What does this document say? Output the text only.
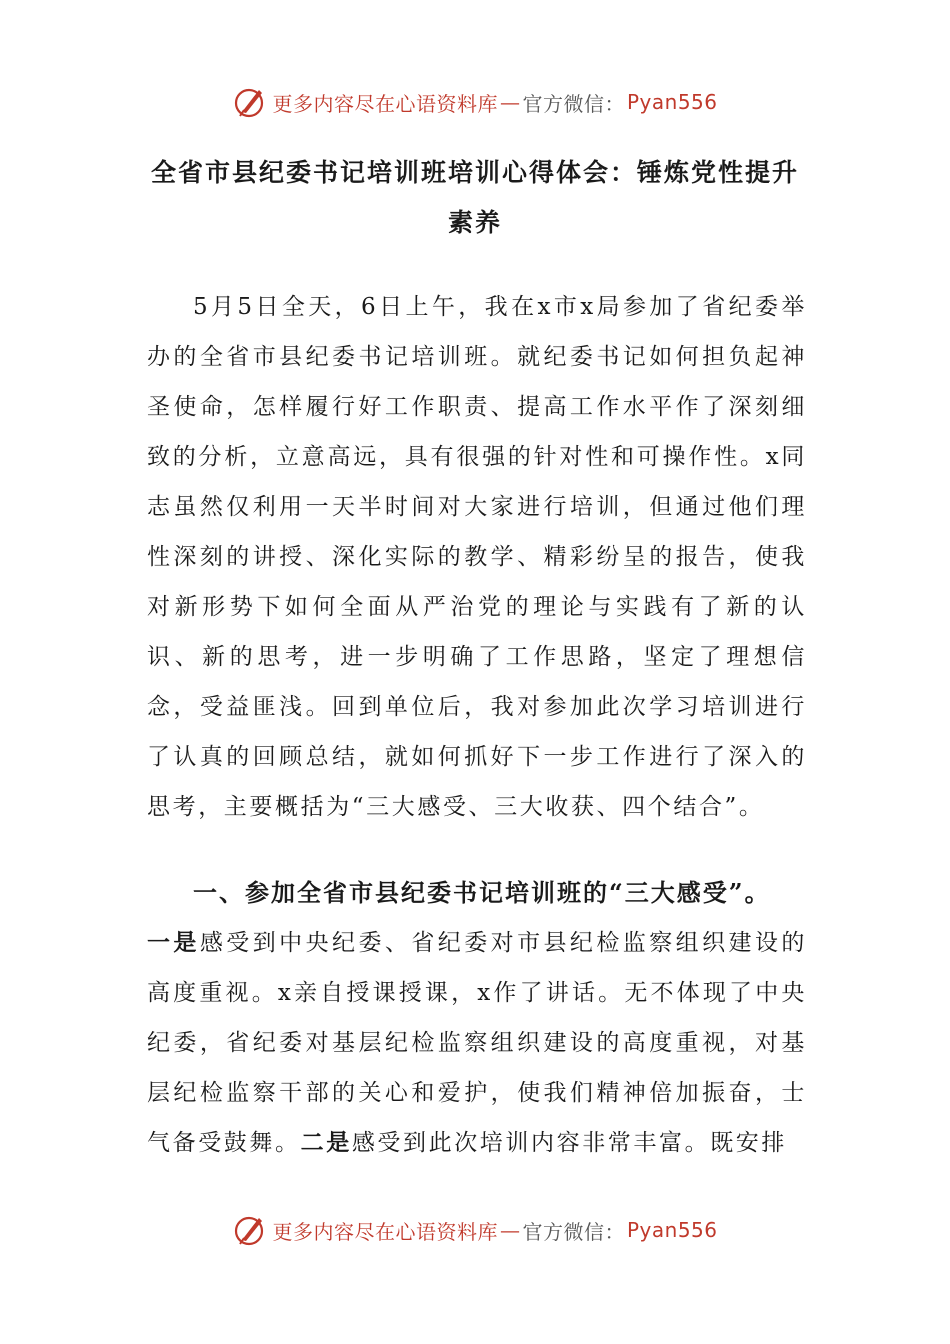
更多内容尽在心语资料库 — 官方微信： Pyan556
全省市县纪委书记培训班培训心得体会：锤炼党性提升素养

5月5日全天，6日上午，我在x市x局参加了省纪委举办的全省市县纪委书记培训班。就纪委书记如何担负起神圣使命，怎样履行好工作职责、提高工作水平作了深刻细致的分析，立意高远，具有很强的针对性和可操作性。x同志虽然仅利用一天半时间对大家进行培训，但通过他们理性深刻的讲授、深化实际的教学、精彩纷呈的报告，使我对新形势下如何全面从严治党的理论与实践有了新的认识、新的思考，进一步明确了工作思路，坚定了理想信念，受益匪浅。回到单位后，我对参加此次学习培训进行了认真的回顾总结，就如何抓好下一步工作进行了深入的思考，主要概括为“三大感受、三大收获、四个结合”。

一、参加全省市县纪委书记培训班的“三大感受”。

一是感受到中央纪委、省纪委对市县纪检监察组织建设的高度重视。x亲自授课授课，x作了讲话。无不体现了中央纪委，省纪委对基层纪检监察组织建设的高度重视，对基层纪检监察干部的关心和爱护，使我们精神倍加振奋，士气备受鼓舞。二是感受到此次培训内容非常丰富。既安排

更多内容尽在心语资料库 — 官方微信： Pyan556
